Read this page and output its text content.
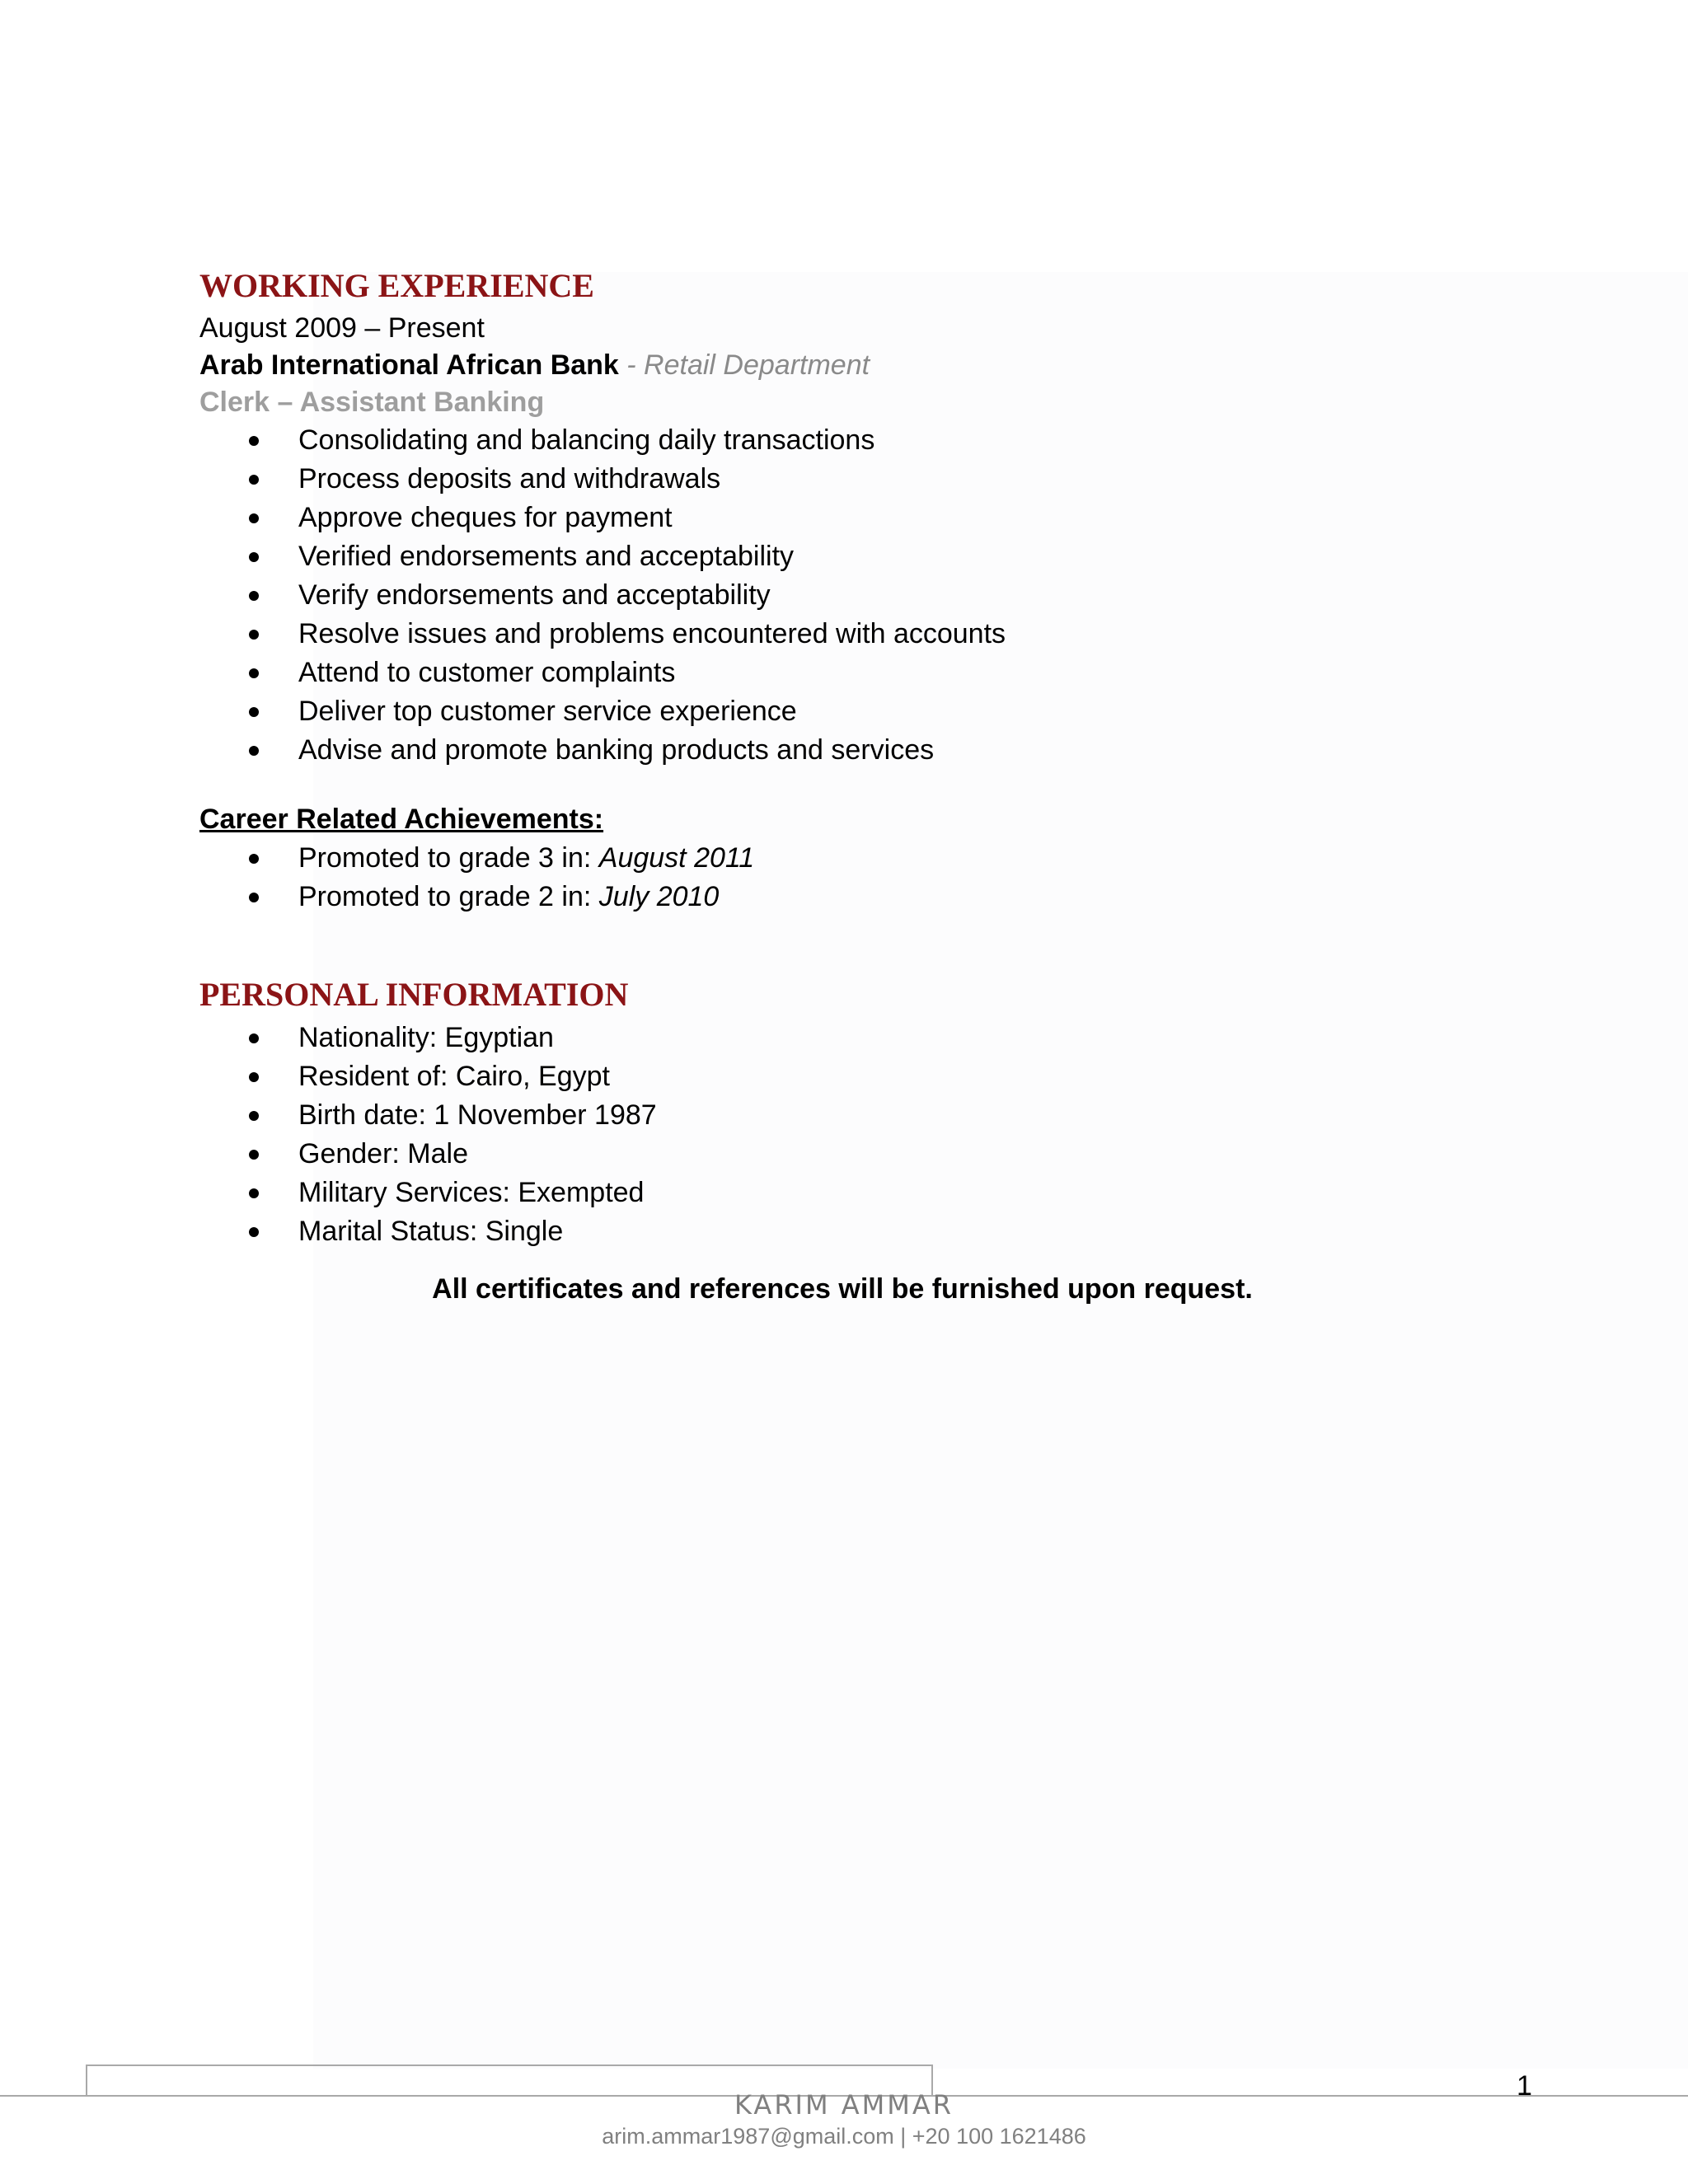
WORKING EXPERIENCE
August 2009 – Present
Arab International African Bank - Retail Department
Clerk – Assistant Banking
Consolidating and balancing daily transactions
Process deposits and withdrawals
Approve cheques for payment
Verified endorsements and acceptability
Verify endorsements and acceptability
Resolve issues and problems encountered with accounts
Attend to customer complaints
Deliver top customer service experience
Advise and promote banking products and services
Career Related Achievements:
Promoted to grade 3 in: August 2011
Promoted to grade 2 in: July 2010
PERSONAL INFORMATION
Nationality: Egyptian
Resident of: Cairo, Egypt
Birth date: 1 November 1987
Gender: Male
Military Services: Exempted
Marital Status: Single
All certificates and references will be furnished upon request.
KARIM AMMAR
arim.ammar1987@gmail.com | +20 100 1621486
1
